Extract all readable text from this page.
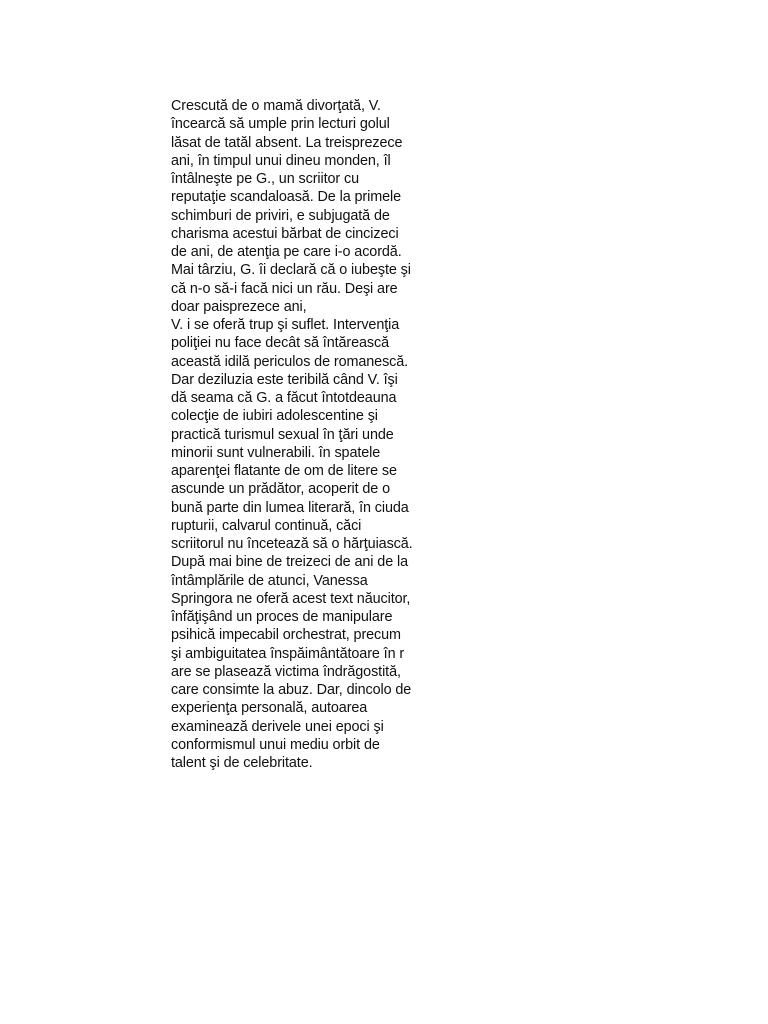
Crescută de o mamă divorţată, V.
încearcă să umple prin lecturi golul
lăsat de tatăl absent. La treisprezece
ani, în timpul unui dineu monden, îl
întâlneşte pe G., un scriitor cu
reputaţie scandaloasă. De la primele
schimburi de priviri, e subjugată de
charisma acestui bărbat de cincizeci
de ani, de atenţia pe care i-o acordă.
Mai târziu, G. îi declară că o iubeşte şi
că n-o să-i facă nici un rău. Deşi are
doar paisprezece ani,
V. i se oferă trup şi suflet. Intervenţia
poliţiei nu face decât să întărească
această idilă periculos de romanescă.
Dar deziluzia este teribilă când V. îşi
dă seama că G. a făcut întotdeauna
colecţie de iubiri adolescentine şi
practică turismul sexual în ţări unde
minorii sunt vulnerabili. în spatele
aparenţei flatante de om de litere se
ascunde un prădător, acoperit de o
bună parte din lumea literară, în ciuda
rupturii, calvarul continuă, căci
scriitorul nu încetează să o hărţuiască.
După mai bine de treizeci de ani de la
întâmplările de atunci, Vanessa
Springora ne oferă acest text năucitor,
înfăţişând un proces de manipulare
psihică impecabil orchestrat, precum
şi ambiguitatea înspăimântătoare în r
are se plasează victima îndrăgostită,
care consimte la abuz. Dar, dincolo de
experienţa personală, autoarea
examinează derivele unei epoci şi
conformismul unui mediu orbit de
talent şi de celebritate.
